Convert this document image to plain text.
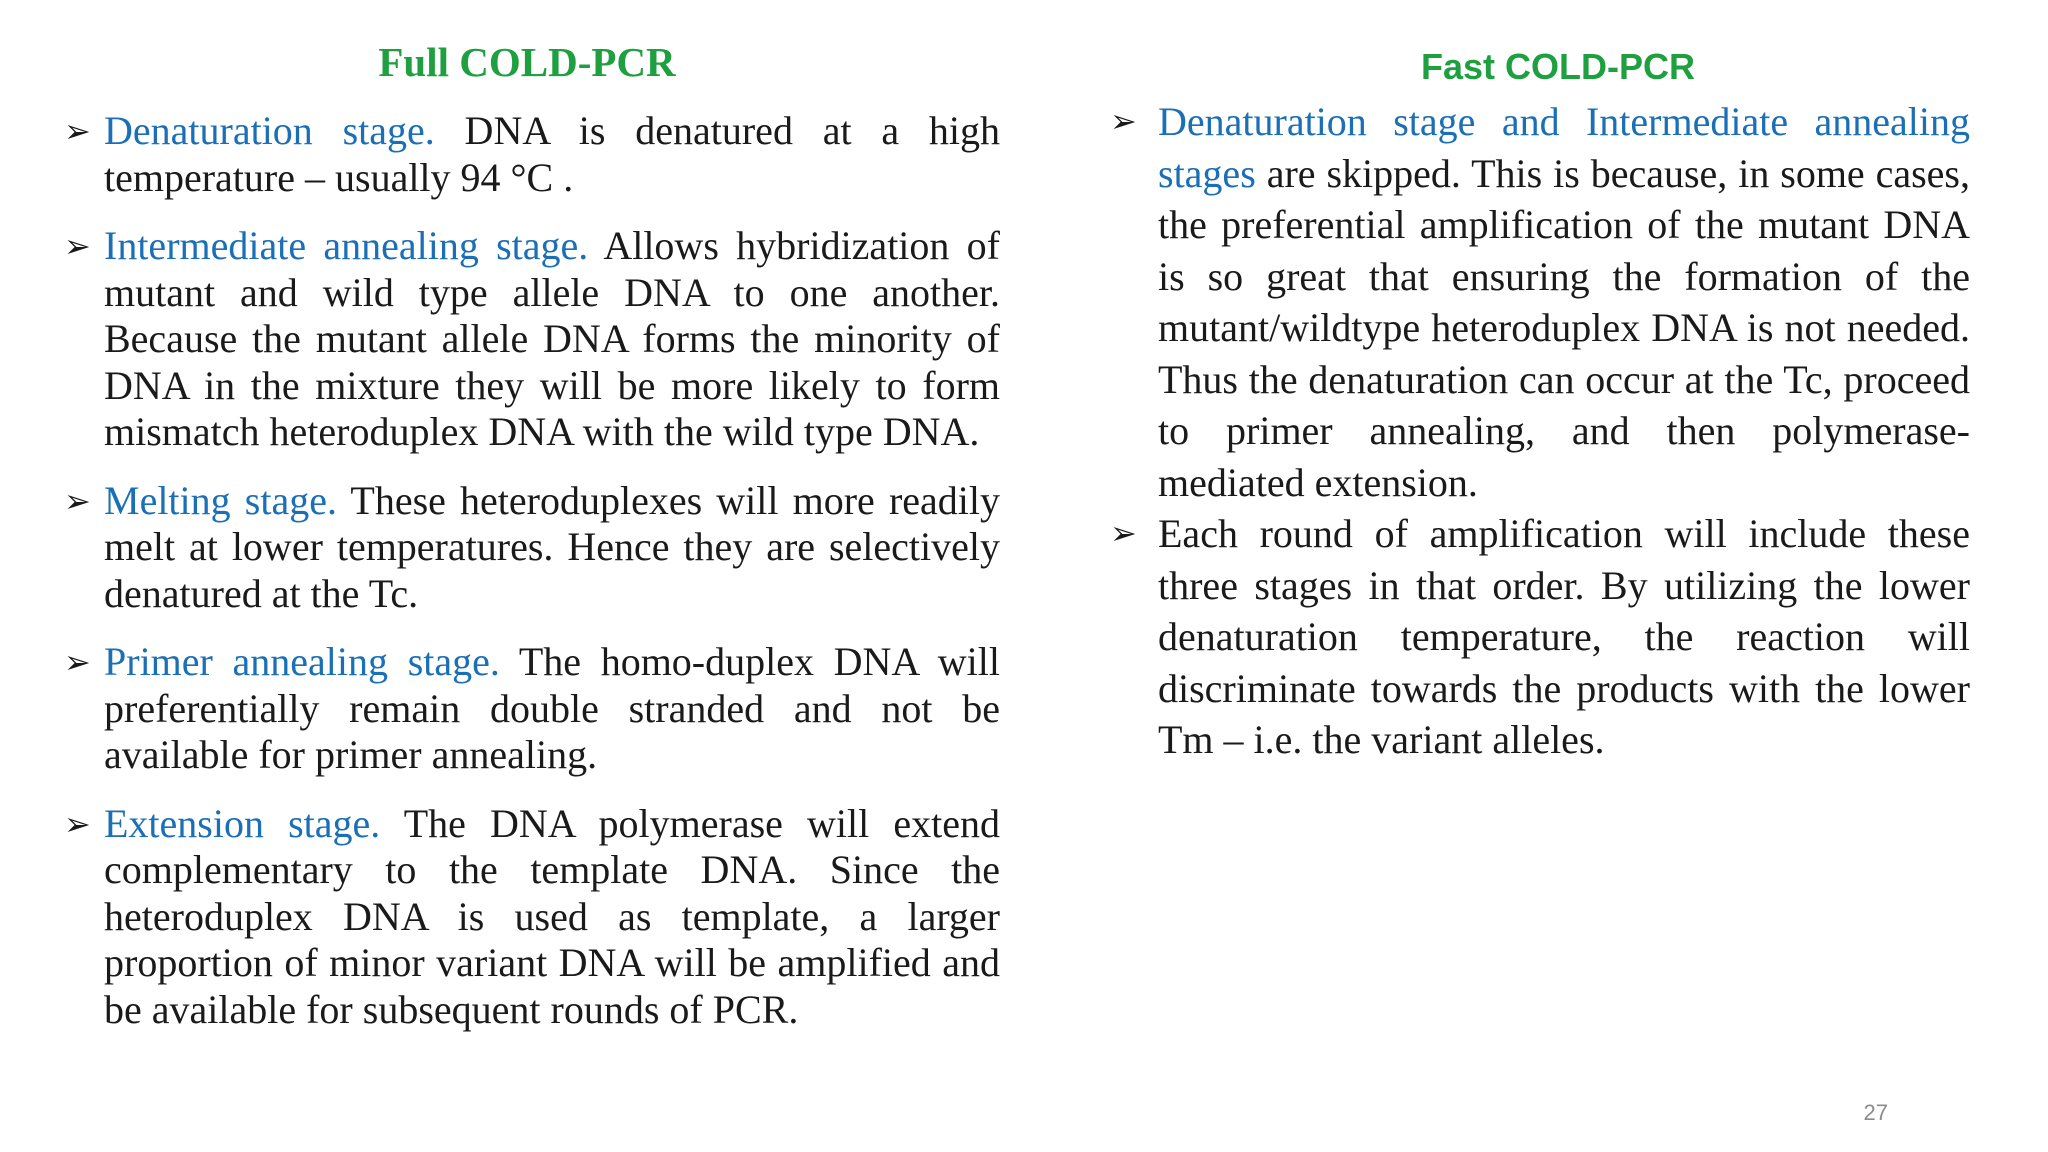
Full COLD-PCR
➢ Denaturation stage. DNA is denatured at a high temperature – usually 94 °C .
➢ Intermediate annealing stage. Allows hybridization of mutant and wild type allele DNA to one another. Because the mutant allele DNA forms the minority of DNA in the mixture they will be more likely to form mismatch heteroduplex DNA with the wild type DNA.
➢ Melting stage. These heteroduplexes will more readily melt at lower temperatures. Hence they are selectively denatured at the Tc.
➢ Primer annealing stage. The homo-duplex DNA will preferentially remain double stranded and not be available for primer annealing.
➢ Extension stage. The DNA polymerase will extend complementary to the template DNA. Since the heteroduplex DNA is used as template, a larger proportion of minor variant DNA will be amplified and be available for subsequent rounds of PCR.
Fast COLD-PCR
➢ Denaturation stage and Intermediate annealing stages are skipped. This is because, in some cases, the preferential amplification of the mutant DNA is so great that ensuring the formation of the mutant/wildtype heteroduplex DNA is not needed. Thus the denaturation can occur at the Tc, proceed to primer annealing, and then polymerase-mediated extension.
➢ Each round of amplification will include these three stages in that order. By utilizing the lower denaturation temperature, the reaction will discriminate towards the products with the lower Tm – i.e. the variant alleles.
27
